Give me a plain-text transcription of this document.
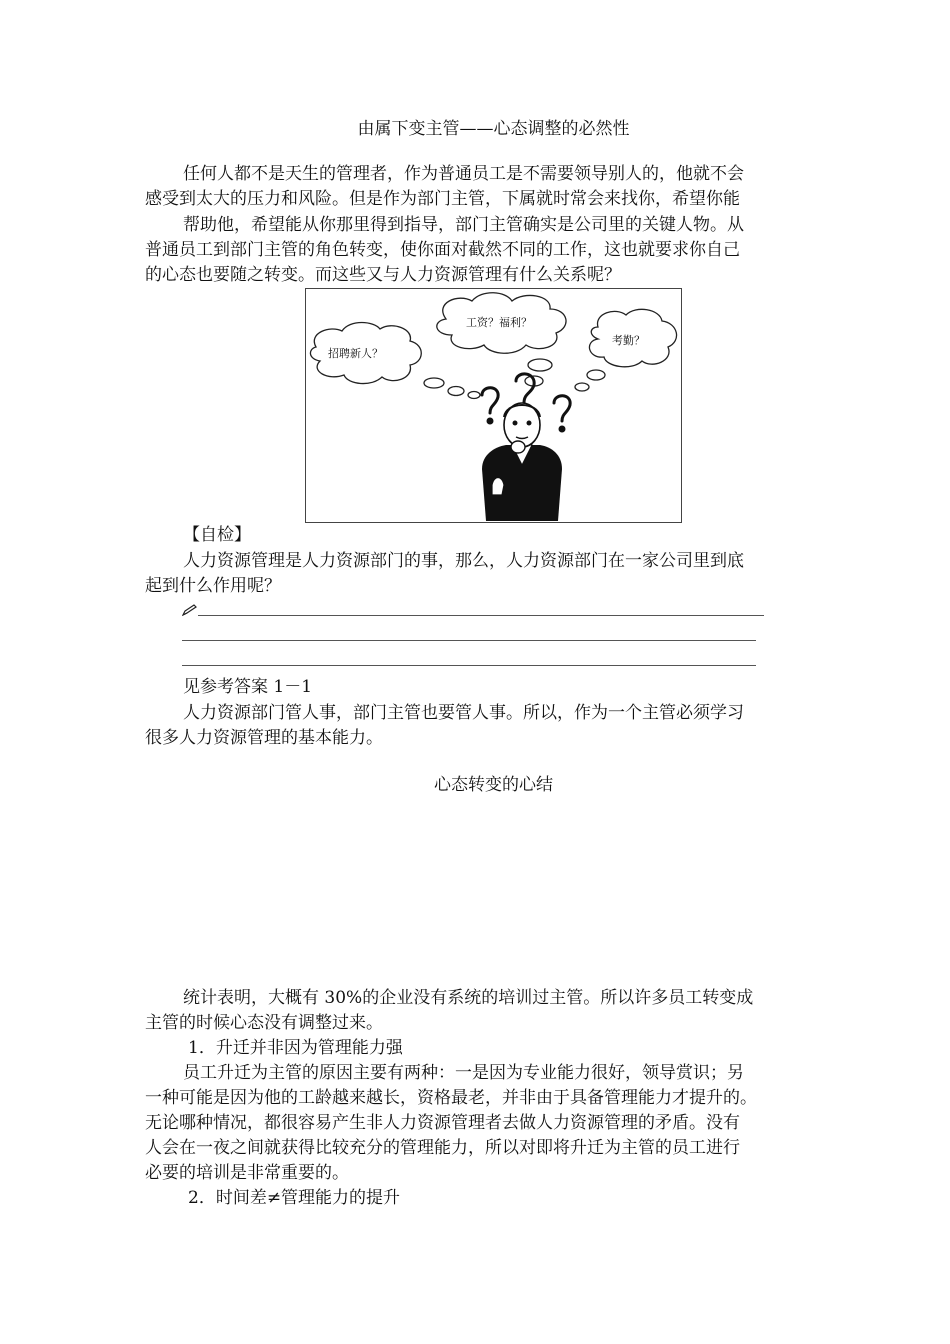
由属下变主管——心态调整的必然性
任何人都不是天生的管理者，作为普通员工是不需要领导别人的，他就不会
感受到太大的压力和风险。但是作为部门主管，下属就时常会来找你，希望你能
帮助他，希望能从你那里得到指导，部门主管确实是公司里的关键人物。从
普通员工到部门主管的角色转变，使你面对截然不同的工作，这也就要求你自己
的心态也要随之转变。而这些又与人力资源管理有什么关系呢？
工资？福利？
招聘新人？
考勤？
【自检】
人力资源管理是人力资源部门的事，那么，人力资源部门在一家公司里到底
起到什么作用呢？
见参考答案 1－1
人力资源部门管人事，部门主管也要管人事。所以，作为一个主管必须学习
很多人力资源管理的基本能力。
心态转变的心结
统计表明，大概有 30%的企业没有系统的培训过主管。所以许多员工转变成
主管的时候心态没有调整过来。
1．升迁并非因为管理能力强
员工升迁为主管的原因主要有两种：一是因为专业能力很好，领导赏识；另
一种可能是因为他的工龄越来越长，资格最老，并非由于具备管理能力才提升的。
无论哪种情况，都很容易产生非人力资源管理者去做人力资源管理的矛盾。没有
人会在一夜之间就获得比较充分的管理能力，所以对即将升迁为主管的员工进行
必要的培训是非常重要的。
2．时间差≠管理能力的提升
